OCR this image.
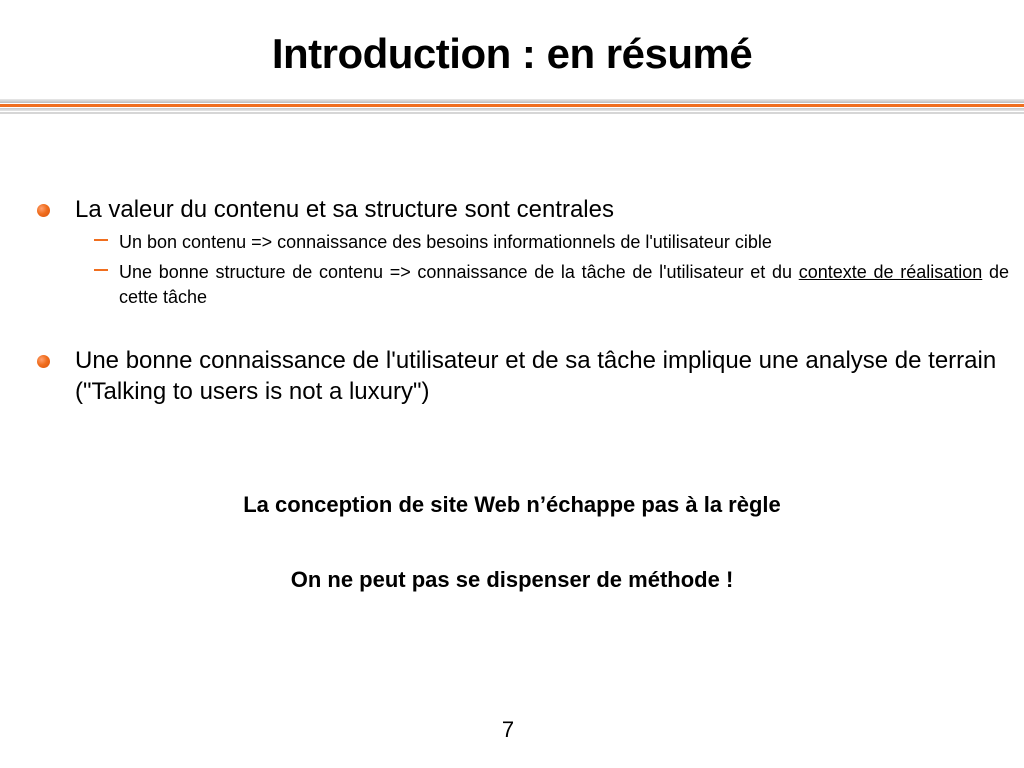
Introduction : en résumé
La valeur du contenu et sa structure sont centrales
Un bon contenu => connaissance des besoins informationnels de l'utilisateur cible
Une bonne structure de contenu => connaissance de la tâche de l'utilisateur et du contexte de réalisation de cette tâche
Une bonne connaissance de l'utilisateur et de sa tâche implique une analyse de terrain ("Talking to users is not a luxury")
La conception de site Web n’échappe pas à la règle
On ne peut pas se dispenser de méthode !
7
